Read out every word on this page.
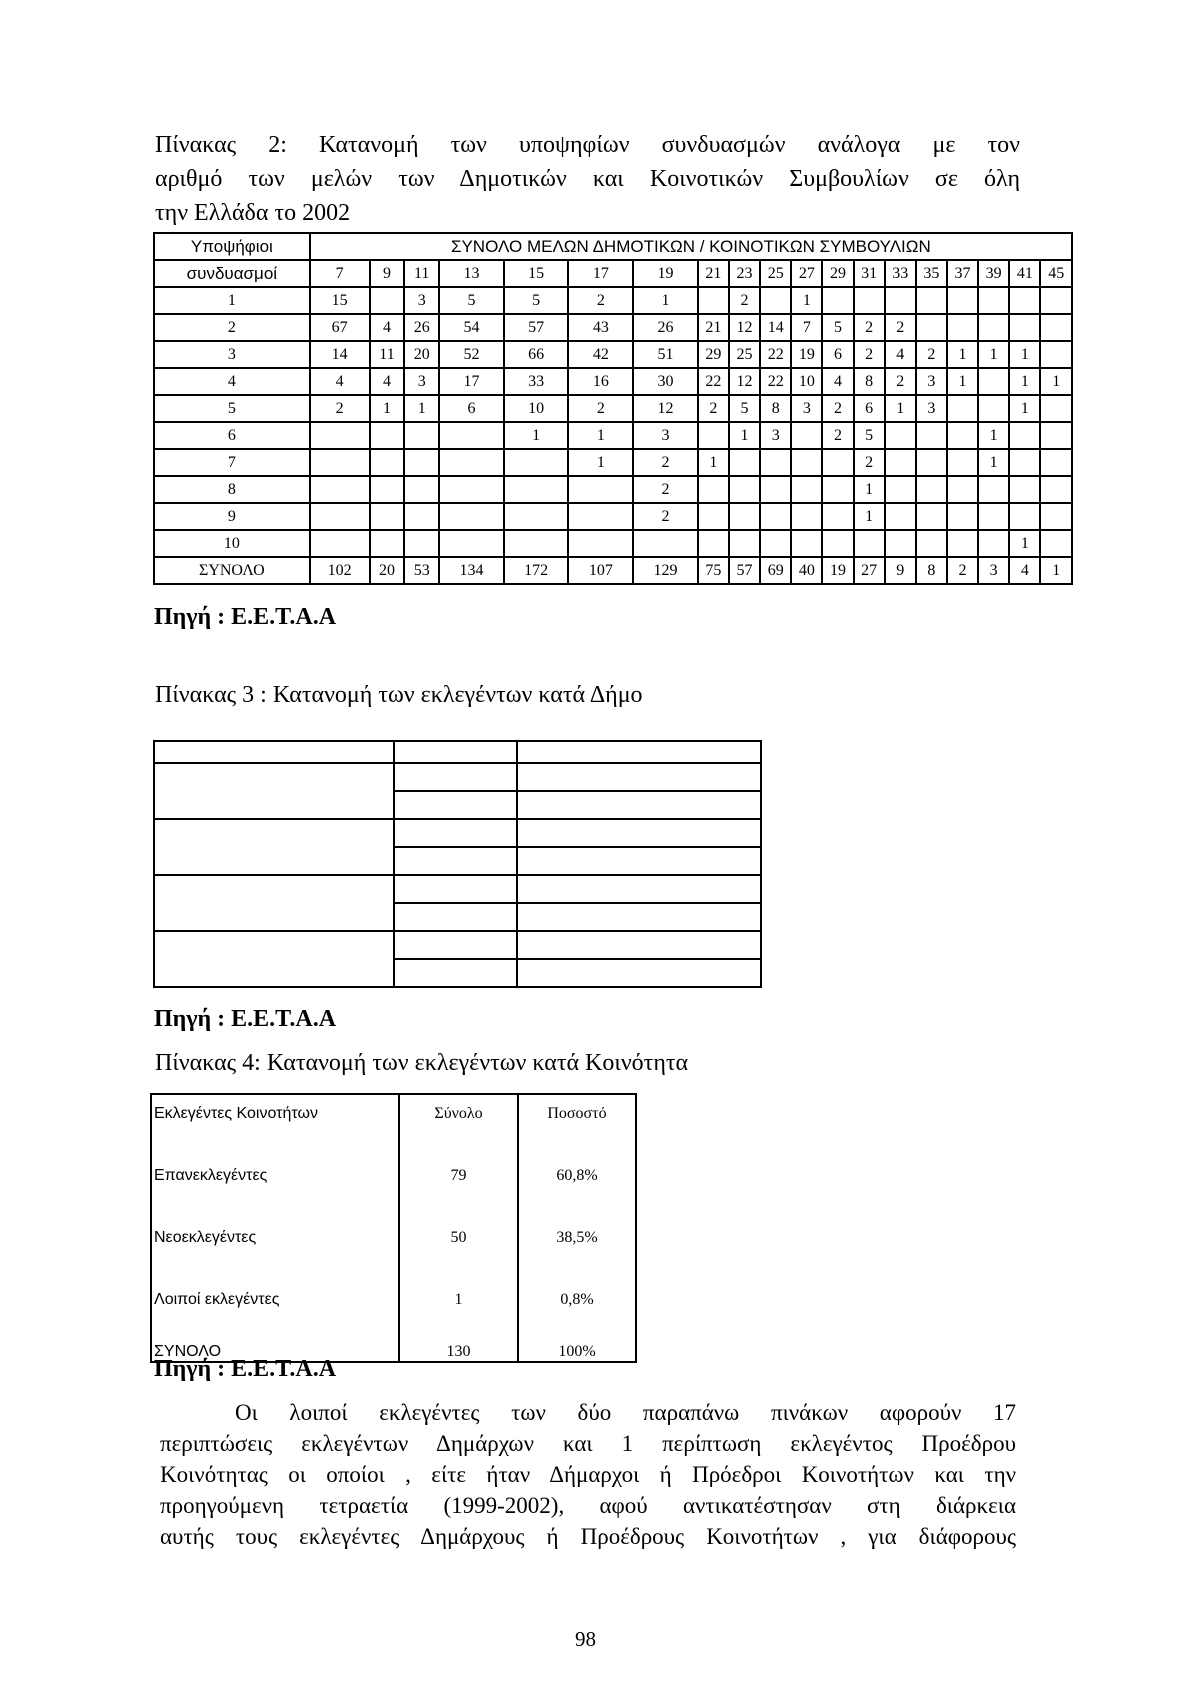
Πίνακας 2: Κατανομή των υποψηφίων συνδυασμών ανάλογα με τον
αριθμό των μελών των Δημοτικών και Κοινοτικών Συμβουλίων σε όλη
την Ελλάδα το 2002
Υποψήφιοι	ΣΥΝΟΛΟ ΜΕΛΩΝ ΔΗΜΟΤΙΚΩΝ / ΚΟΙΝΟΤΙΚΩΝ ΣΥΜΒΟΥΛΙΩΝ																		
συνδυασμοί	7	9	11	13	15	17	19	21	23	25	27	29	31	33	35	37	39	41	45
1	15		3	5	5	2	1		2		1								
2	67	4	26	54	57	43	26	21	12	14	7	5	2	2					
3	14	11	20	52	66	42	51	29	25	22	19	6	2	4	2	1	1	1	
4	4	4	3	17	33	16	30	22	12	22	10	4	8	2	3	1		1	1
5	2	1	1	6	10	2	12	2	5	8	3	2	6	1	3			1	
6					1	1	3		1	3		2	5				1		
7						1	2	1					2				1		
8							2						1						
9							2						1						
10																		1	
ΣΥΝΟΛΟ	102	20	53	134	172	107	129	75	57	69	40	19	27	9	8	2	3	4	1
Πηγή : Ε.Ε.Τ.Α.Α
Πίνακας 3 : Κατανομή των εκλεγέντων κατά Δήμο

Πηγή : Ε.Ε.Τ.Α.Α
Πίνακας 4: Κατανομή των εκλεγέντων κατά Κοινότητα
Εκλεγέντες Κοινοτήτων	Σύνολο	Ποσοστό
Επανεκλεγέντες	79	60,8%
Νεοεκλεγέντες	50	38,5%
Λοιποί εκλεγέντες	1	0,8%
ΣΥΝΟΛΟ	130	100%
Πηγή : Ε.Ε.Τ.Α.Α
Οι λοιποί εκλεγέντες των δύο παραπάνω πινάκων αφορούν 17
περιπτώσεις εκλεγέντων Δημάρχων και 1 περίπτωση εκλεγέντος Προέδρου
Κοινότητας οι οποίοι , είτε ήταν Δήμαρχοι ή Πρόεδροι Κοινοτήτων και την
προηγούμενη τετραετία (1999-2002), αφού αντικατέστησαν στη διάρκεια
αυτής τους εκλεγέντες Δημάρχους ή Προέδρους Κοινοτήτων , για διάφορους
98
